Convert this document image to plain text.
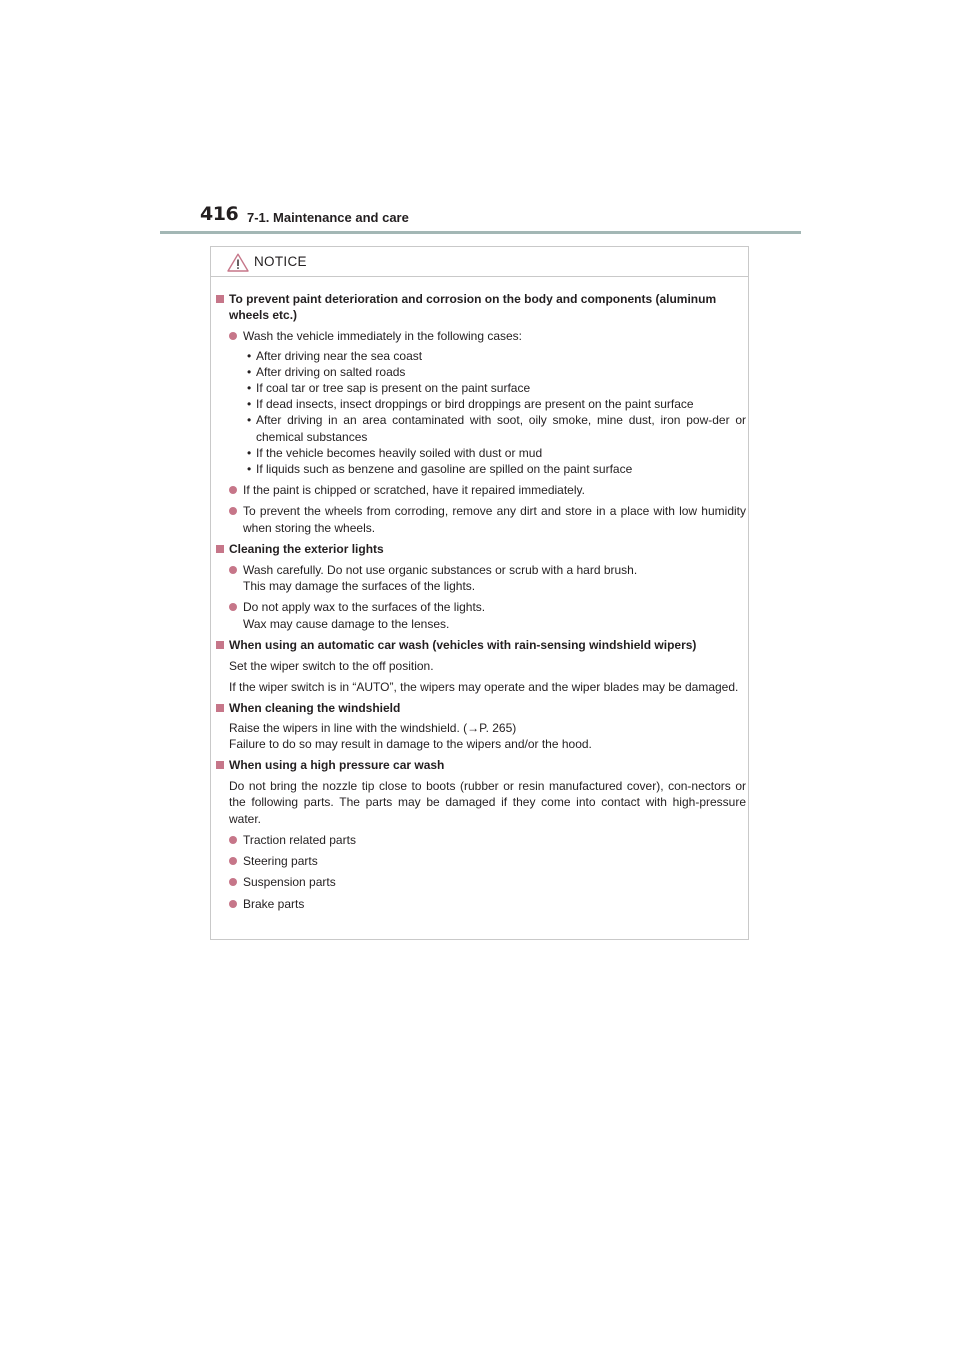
416 7-1. Maintenance and care
NOTICE
To prevent paint deterioration and corrosion on the body and components (aluminum wheels etc.)
Wash the vehicle immediately in the following cases:
• After driving near the sea coast
• After driving on salted roads
• If coal tar or tree sap is present on the paint surface
• If dead insects, insect droppings or bird droppings are present on the paint surface
• After driving in an area contaminated with soot, oily smoke, mine dust, iron pow-der or chemical substances
• If the vehicle becomes heavily soiled with dust or mud
• If liquids such as benzene and gasoline are spilled on the paint surface
If the paint is chipped or scratched, have it repaired immediately.
To prevent the wheels from corroding, remove any dirt and store in a place with low humidity when storing the wheels.
Cleaning the exterior lights
Wash carefully. Do not use organic substances or scrub with a hard brush.
This may damage the surfaces of the lights.
Do not apply wax to the surfaces of the lights.
Wax may cause damage to the lenses.
When using an automatic car wash (vehicles with rain-sensing windshield wipers)
Set the wiper switch to the off position.
If the wiper switch is in “AUTO”, the wipers may operate and the wiper blades may be damaged.
When cleaning the windshield
Raise the wipers in line with the windshield. (→P. 265)
Failure to do so may result in damage to the wipers and/or the hood.
When using a high pressure car wash
Do not bring the nozzle tip close to boots (rubber or resin manufactured cover), con-nectors or the following parts. The parts may be damaged if they come into contact with high-pressure water.
Traction related parts
Steering parts
Suspension parts
Brake parts
